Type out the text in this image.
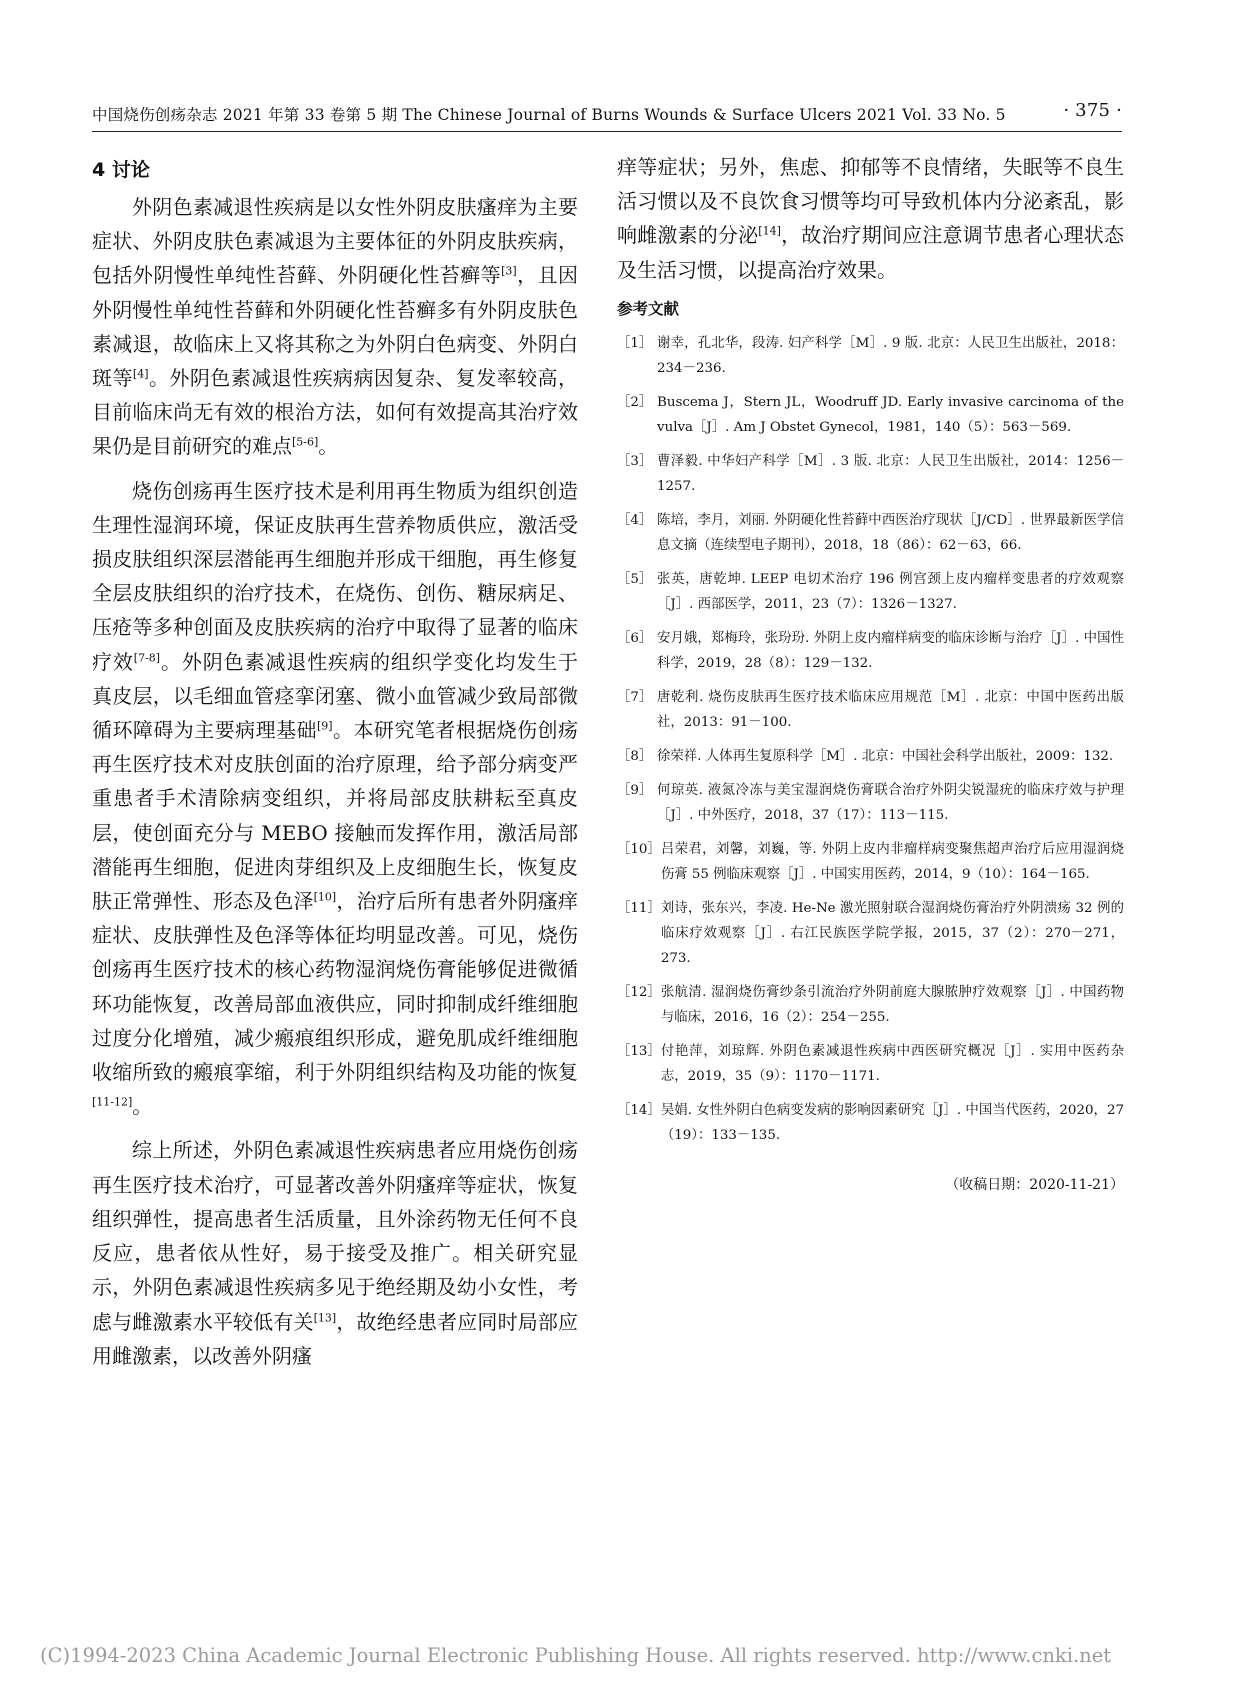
中国烧伤创疡杂志 2021 年第 33 卷第 5 期 The Chinese Journal of Burns Wounds & Surface Ulcers 2021 Vol. 33 No. 5	· 375 ·
4 讨论

外阴色素减退性疾病是以女性外阴皮肤瘙痒为主要症状、外阴皮肤色素减退为主要体征的外阴皮肤疾病，包括外阴慢性单纯性苔藓、外阴硬化性苔癣等[3]，且因外阴慢性单纯性苔藓和外阴硬化性苔癣多有外阴皮肤色素减退，故临床上又将其称之为外阴白色病变、外阴白斑等[4]。外阴色素减退性疾病病因复杂、复发率较高，目前临床尚无有效的根治方法，如何有效提高其治疗效果仍是目前研究的难点[5-6]。

烧伤创疡再生医疗技术是利用再生物质为组织创造生理性湿润环境，保证皮肤再生营养物质供应，激活受损皮肤组织深层潜能再生细胞并形成干细胞，再生修复全层皮肤组织的治疗技术，在烧伤、创伤、糖尿病足、压疮等多种创面及皮肤疾病的治疗中取得了显著的临床疗效[7-8]。外阴色素减退性疾病的组织学变化均发生于真皮层，以毛细血管痉挛闭塞、微小血管减少致局部微循环障碍为主要病理基础[9]。本研究笔者根据烧伤创疡再生医疗技术对皮肤创面的治疗原理，给予部分病变严重患者手术清除病变组织，并将局部皮肤耕耘至真皮层，使创面充分与 MEBO 接触而发挥作用，激活局部潜能再生细胞，促进肉芽组织及上皮细胞生长，恢复皮肤正常弹性、形态及色泽[10]，治疗后所有患者外阴瘙痒症状、皮肤弹性及色泽等体征均明显改善。可见，烧伤创疡再生医疗技术的核心药物湿润烧伤膏能够促进微循环功能恢复，改善局部血液供应，同时抑制成纤维细胞过度分化增殖，减少瘢痕组织形成，避免肌成纤维细胞收缩所致的瘢痕挛缩，利于外阴组织结构及功能的恢复[11-12]。

综上所述，外阴色素减退性疾病患者应用烧伤创疡再生医疗技术治疗，可显著改善外阴瘙痒等症状，恢复组织弹性，提高患者生活质量，且外涂药物无任何不良反应，患者依从性好，易于接受及推广。相关研究显示，外阴色素减退性疾病多见于绝经期及幼小女性，考虑与雌激素水平较低有关[13]，故绝经患者应同时局部应用雌激素，以改善外阴瘙

痒等症状；另外，焦虑、抑郁等不良情绪，失眠等不良生活习惯以及不良饮食习惯等均可导致机体内分泌紊乱，影响雌激素的分泌[14]，故治疗期间应注意调节患者心理状态及生活习惯，以提高治疗效果。

参考文献
［1］ 谢幸，孔北华，段涛. 妇产科学［M］. 9 版. 北京：人民卫生出版社，2018：234－236.
［2］ Buscema J，Stern JL，Woodruff JD. Early invasive carcinoma of the vulva［J］. Am J Obstet Gynecol，1981，140（5）：563－569.
［3］ 曹泽毅. 中华妇产科学［M］. 3 版. 北京：人民卫生出版社，2014：1256－1257.
［4］ 陈培，李月，刘丽. 外阴硬化性苔藓中西医治疗现状［J/CD］. 世界最新医学信息文摘（连续型电子期刊），2018，18（86）：62－63，66.
［5］ 张英，唐乾坤. LEEP 电切术治疗 196 例宫颈上皮内瘤样变患者的疗效观察［J］. 西部医学，2011，23（7）：1326－1327.
［6］ 安月娥，郑梅玲，张玢玢. 外阴上皮内瘤样病变的临床诊断与治疗［J］. 中国性科学，2019，28（8）：129－132.
［7］ 唐乾利. 烧伤皮肤再生医疗技术临床应用规范［M］. 北京：中国中医药出版社，2013：91－100.
［8］ 徐荣祥. 人体再生复原科学［M］. 北京：中国社会科学出版社，2009：132.
［9］ 何琼英. 液氮冷冻与美宝湿润烧伤膏联合治疗外阴尖锐湿疣的临床疗效与护理［J］. 中外医疗，2018，37（17）：113－115.
［10］ 吕荣君，刘馨，刘巍，等. 外阴上皮内非瘤样病变聚焦超声治疗后应用湿润烧伤膏 55 例临床观察［J］. 中国实用医药，2014，9（10）：164－165.
［11］ 刘诗，张东兴，李凌. He-Ne 激光照射联合湿润烧伤膏治疗外阴溃疡 32 例的临床疗效观察［J］. 右江民族医学院学报，2015，37（2）：270－271，273.
［12］ 张航清. 湿润烧伤膏纱条引流治疗外阴前庭大腺脓肿疗效观察［J］. 中国药物与临床，2016，16（2）：254－255.
［13］ 付艳萍，刘琼辉. 外阴色素减退性疾病中西医研究概况［J］. 实用中医药杂志，2019，35（9）：1170－1171.
［14］ 吴娟. 女性外阴白色病变发病的影响因素研究［J］. 中国当代医药，2020，27（19）：133－135.
（收稿日期：2020-11-21）
(C)1994-2023 China Academic Journal Electronic Publishing House. All rights reserved. http://www.cnki.net
